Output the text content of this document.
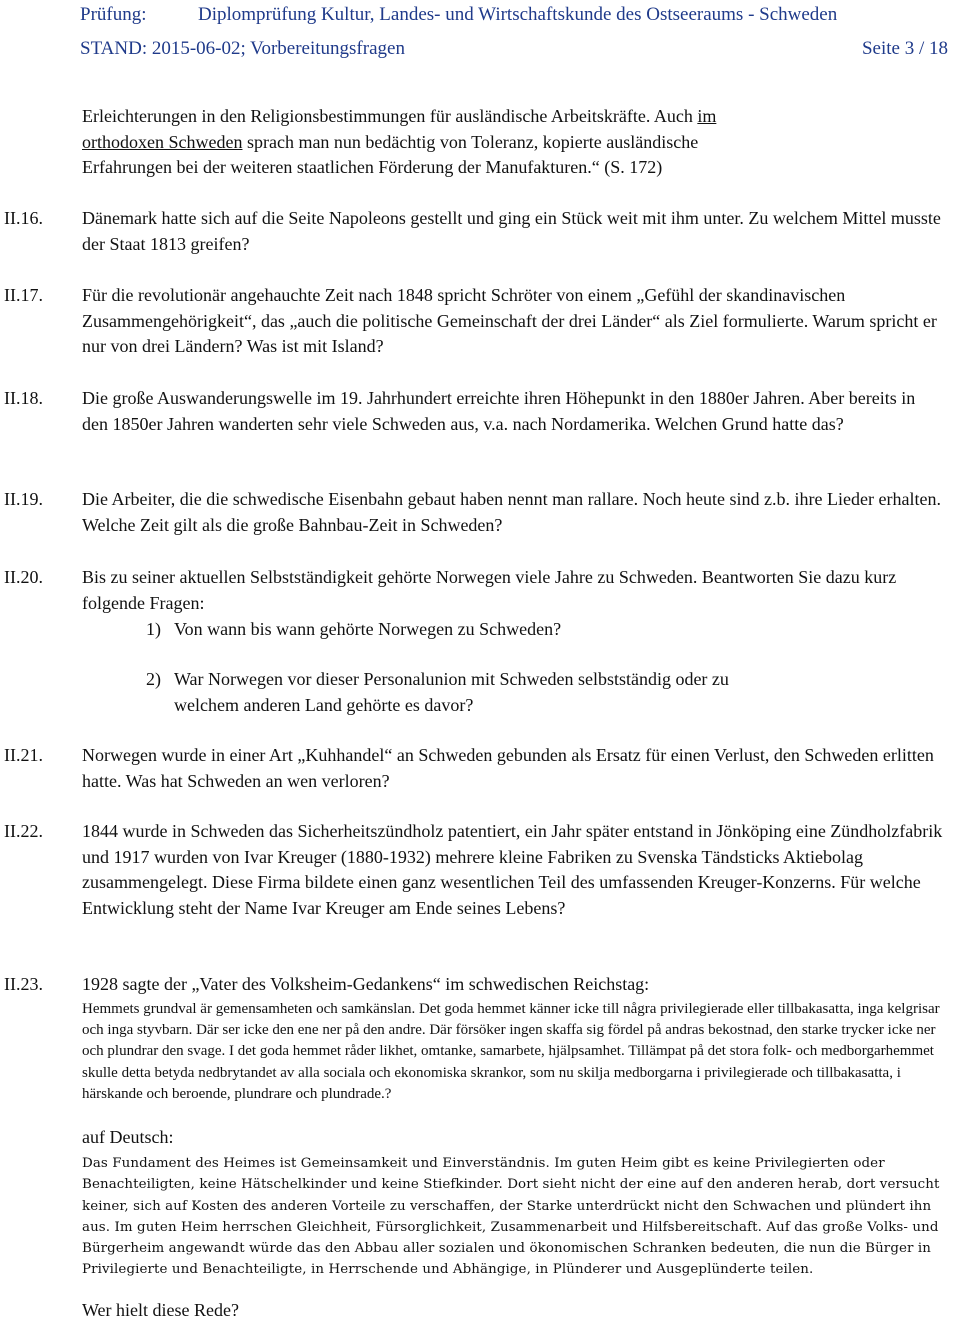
Prüfung:	Diplomprüfung Kultur, Landes- und Wirtschaftskunde des Ostseeraums - Schweden
STAND: 2015-06-02; Vorbereitungsfragen	Seite 3 / 18

Erleichterungen in den Religionsbestimmungen für ausländische Arbeitskräfte. Auch im

orthodoxen Schweden sprach man nun bedächtig von Toleranz, kopierte ausländische

Erfahrungen bei der weiteren staatlichen Förderung der Manufakturen.“ (S. 172)

II.16. Dänemark hatte sich auf die Seite Napoleons gestellt und ging ein Stück weit mit ihm unter. Zu welchem Mittel musste der Staat 1813 greifen?
II.17. Für die revolutionär angehauchte Zeit nach 1848 spricht Schröter von einem „Gefühl der skandinavischen Zusammengehörigkeit“, das „auch die politische Gemeinschaft der drei Länder“ als Ziel formulierte. Warum spricht er nur von drei Ländern? Was ist mit Island?
II.18. Die große Auswanderungswelle im 19. Jahrhundert erreichte ihren Höhepunkt in den 1880er Jahren. Aber bereits in den 1850er Jahren wanderten sehr viele Schweden aus, v.a. nach Nordamerika. Welchen Grund hatte das?
II.19. Die Arbeiter, die die schwedische Eisenbahn gebaut haben nennt man rallare. Noch heute sind z.b. ihre Lieder erhalten. Welche Zeit gilt als die große Bahnbau-Zeit in Schweden?
II.20. Bis zu seiner aktuellen Selbstständigkeit gehörte Norwegen viele Jahre zu Schweden. Beantworten Sie dazu kurz folgende Fragen:
1) Von wann bis wann gehörte Norwegen zu Schweden?
2) War Norwegen vor dieser Personalunion mit Schweden selbstständig oder zu
welchem anderen Land gehörte es davor?
II.21. Norwegen wurde in einer Art „Kuhhandel“ an Schweden gebunden als Ersatz für einen Verlust, den Schweden erlitten hatte. Was hat Schweden an wen verloren?
II.22. 1844 wurde in Schweden das Sicherheitszündholz patentiert, ein Jahr später entstand in Jönköping eine Zündholzfabrik und 1917 wurden von Ivar Kreuger (1880-1932) mehrere kleine Fabriken zu Svenska Tändsticks Aktiebolag zusammengelegt. Diese Firma bildete einen ganz wesentlichen Teil des umfassenden Kreuger-Konzerns. Für welche Entwicklung steht der Name Ivar Kreuger am Ende seines Lebens?
II.23. 1928 sagte der „Vater des Volksheim-Gedankens“ im schwedischen Reichstag:
Hemmets grundval är gemensamheten och samkänslan. Det goda hemmet känner icke till några privilegierade eller tillbakasatta, inga kelgrisar och inga styvbarn. Där ser icke den ene ner på den andre. Där försöker ingen skaffa sig fördel på andras bekostnad, den starke trycker icke ner och plundrar den svage. I det goda hemmet råder likhet, omtanke, samarbete, hjälpsamhet. Tillämpat på det stora folk- och medborgarhemmet skulle detta betyda nedbrytandet av alla sociala och ekonomiska skrankor, som nu skilja medborgarna i privilegierade och tillbakasatta, i härskande och beroende, plundrare och plundrade.?
auf Deutsch:
Das Fundament des Heimes ist Gemeinsamkeit und Einverständnis. Im guten Heim gibt es keine Privilegierten oder Benachteiligten, keine Hätschelkinder und keine Stiefkinder. Dort sieht nicht der eine auf den anderen herab, dort versucht keiner, sich auf Kosten des anderen Vorteile zu verschaffen, der Starke unterdrückt nicht den Schwachen und plündert ihn aus. Im guten Heim herrschen Gleichheit, Fürsorglichkeit, Zusammenarbeit und Hilfsbereitschaft. Auf das große Volks- und Bürgerheim angewandt würde das den Abbau aller sozialen und ökonomischen Schranken bedeuten, die nun die Bürger in Privilegierte und Benachteiligte, in Herrschende und Abhängige, in Plünderer und Ausgeplünderte teilen.
Wer hielt diese Rede?
